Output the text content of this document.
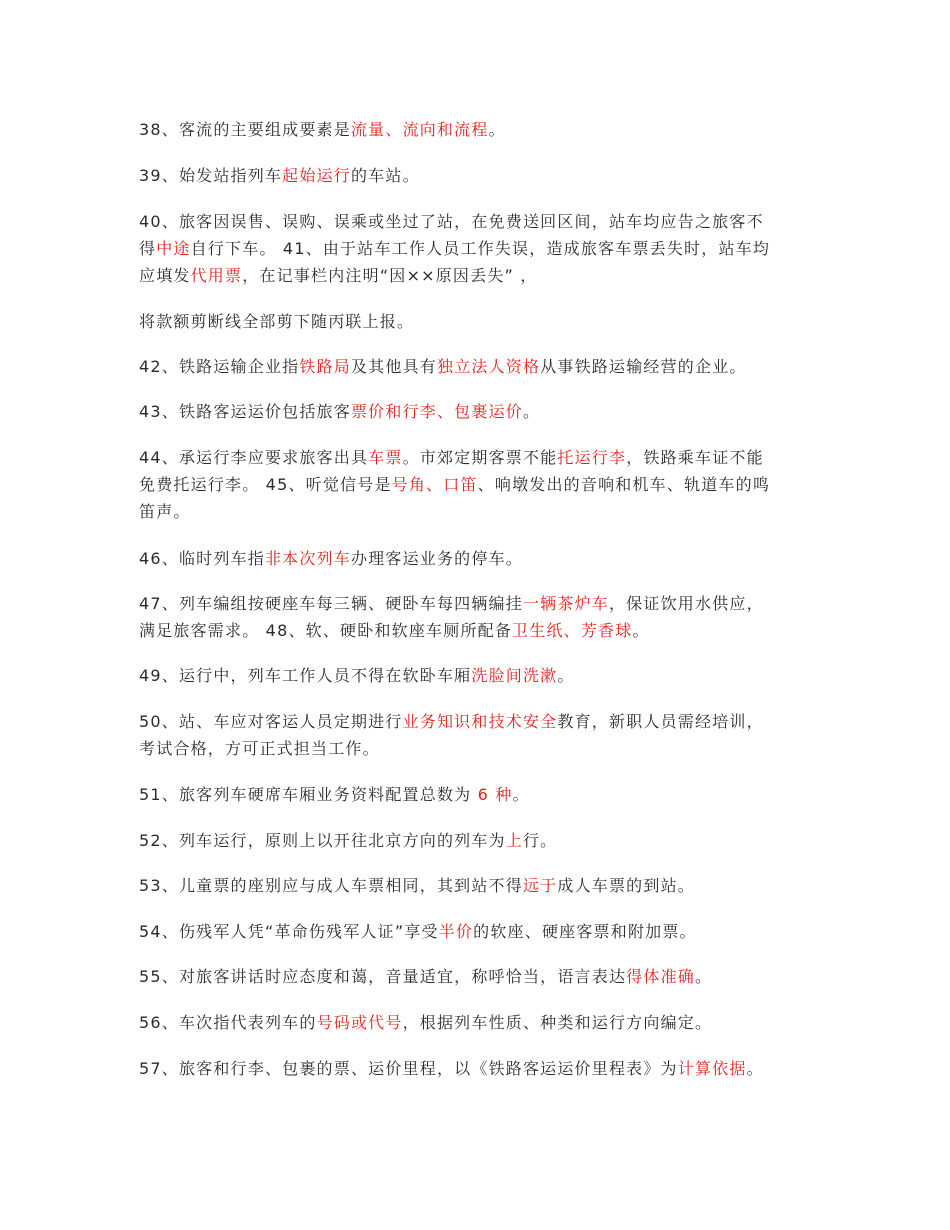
38、客流的主要组成要素是流量、流向和流程。

39、始发站指列车起始运行的车站。

40、旅客因误售、误购、误乘或坐过了站，在免费送回区间，站车均应告之旅客不
得中途自行下车。 41、由于站车工作人员工作失误，造成旅客车票丢失时，站车均
应填发代用票，在记事栏内注明“因××原因丢失” ，

将款额剪断线全部剪下随丙联上报。

42、铁路运输企业指铁路局及其他具有独立法人资格从事铁路运输经营的企业。

43、铁路客运运价包括旅客票价和行李、包裹运价。

44、承运行李应要求旅客出具车票。市郊定期客票不能托运行李，铁路乘车证不能
免费托运行李。 45、听觉信号是号角、口笛、响墩发出的音响和机车、轨道车的鸣
笛声。

46、临时列车指非本次列车办理客运业务的停车。

47、列车编组按硬座车每三辆、硬卧车每四辆编挂一辆茶炉车，保证饮用水供应，
满足旅客需求。 48、软、硬卧和软座车厕所配备卫生纸、芳香球。

49、运行中，列车工作人员不得在软卧车厢洗脸间洗漱。

50、站、车应对客运人员定期进行业务知识和技术安全教育，新职人员需经培训，
考试合格，方可正式担当工作。

51、旅客列车硬席车厢业务资料配置总数为 6 种。

52、列车运行，原则上以开往北京方向的列车为上行。

53、儿童票的座别应与成人车票相同，其到站不得远于成人车票的到站。

54、伤残军人凭“革命伤残军人证”享受半价的软座、硬座客票和附加票。

55、对旅客讲话时应态度和蔼，音量适宜，称呼恰当，语言表达得体准确。

56、车次指代表列车的号码或代号，根据列车性质、种类和运行方向编定。

57、旅客和行李、包裹的票、运价里程，以《铁路客运运价里程表》为计算依据。
